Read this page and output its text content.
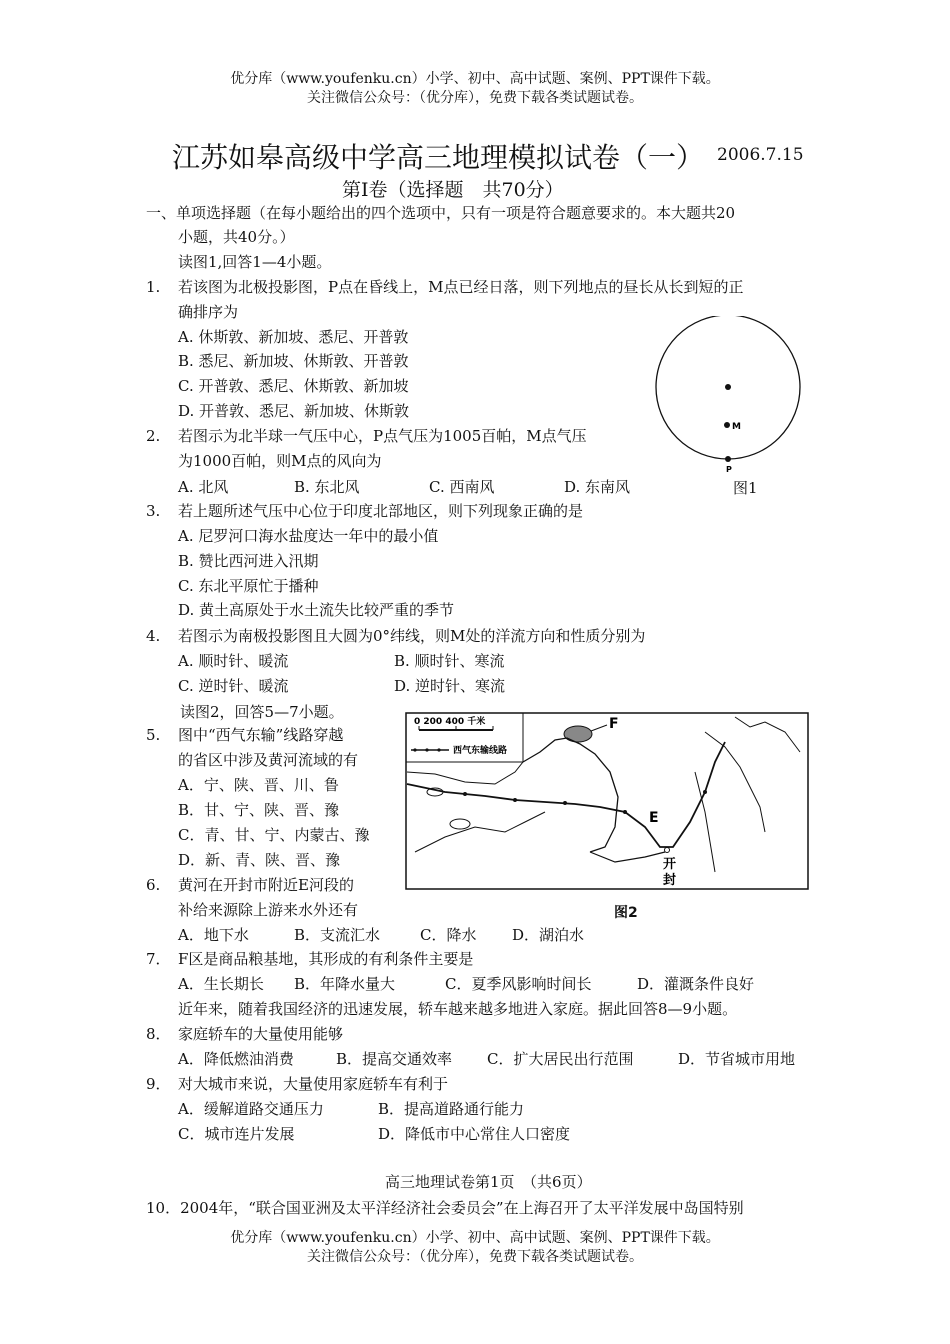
优分库（www.youfenku.cn）小学、初中、高中试题、案例、PPT课件下载。
关注微信公众号：（优分库），免费下载各类试题试卷。
江苏如皋高级中学高三地理模拟试卷（一） 2006.7.15
第Ⅰ卷（选择题　共70分）
一、单项选择题（在每小题给出的四个选项中，只有一项是符合题意要求的。本大题共20
小题，共40分。）
读图1,回答1—4小题。
1. 若该图为北极投影图，P点在昏线上，M点已经日落，则下列地点的昼长从长到短的正
确排序为
A. 休斯敦、新加坡、悉尼、开普敦
B. 悉尼、新加坡、休斯敦、开普敦
C. 开普敦、悉尼、休斯敦、新加坡
D. 开普敦、悉尼、新加坡、休斯敦
M
P
图1
2. 若图示为北半球一气压中心，P点气压为1005百帕，M点气压
为1000百帕，则M点的风向为
A. 北风	B. 东北风	C. 西南风	D. 东南风
3. 若上题所述气压中心位于印度北部地区，则下列现象正确的是
A. 尼罗河口海水盐度达一年中的最小值
B. 赞比西河进入汛期
C. 东北平原忙于播种
D. 黄土高原处于水土流失比较严重的季节
4. 若图示为南极投影图且大圆为0°纬线，则M处的洋流方向和性质分别为
A. 顺时针、暖流	B. 顺时针、寒流
C. 逆时针、暖流	D. 逆时针、寒流
读图2，回答5—7小题。
5. 图中“西气东输”线路穿越
的省区中涉及黄河流域的有
A．宁、陕、晋、川、鲁
B．甘、宁、陕、晋、豫
C．青、甘、宁、内蒙古、豫
D．新、青、陕、晋、豫
0 200 400 千米
西气东输线路
F
E
开
封
图2
6. 黄河在开封市附近E河段的
补给来源除上游来水外还有
A．地下水	B．支流汇水	C．降水 D．湖泊水
7． F区是商品粮基地，其形成的有利条件主要是
A．生长期长 B．年降水量大	C．夏季风影响时间长	D．灌溉条件良好
近年来，随着我国经济的迅速发展，轿车越来越多地进入家庭。据此回答8—9小题。
8． 家庭轿车的大量使用能够
A．降低燃油消费	B．提高交通效率 C．扩大居民出行范围	D．节省城市用地
9． 对大城市来说，大量使用家庭轿车有利于
A．缓解道路交通压力	B．提高道路通行能力
C．城市连片发展	D．降低市中心常住人口密度
高三地理试卷第1页　（共6页）
10．2004年，“联合国亚洲及太平洋经济社会委员会”在上海召开了太平洋发展中岛国特别
优分库（www.youfenku.cn）小学、初中、高中试题、案例、PPT课件下载。
关注微信公众号：（优分库），免费下载各类试题试卷。
